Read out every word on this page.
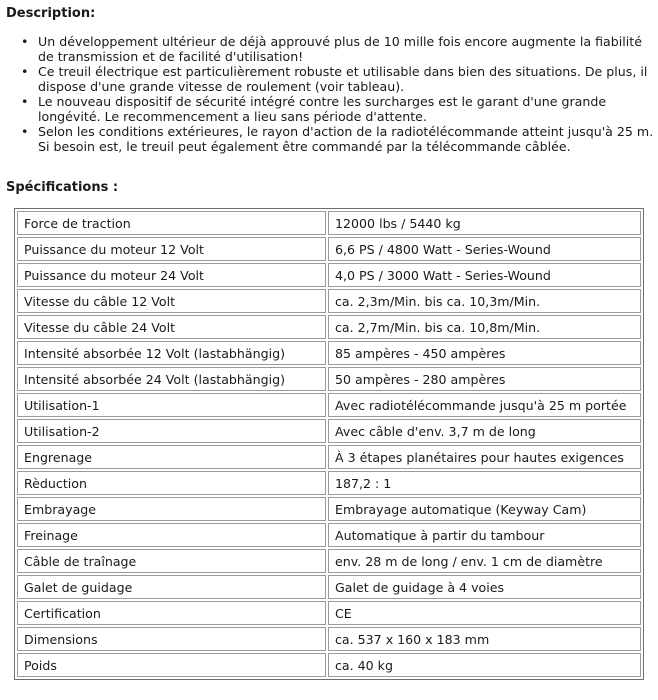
Description:
• Un développement ultérieur de déjà approuvé plus de 10 mille fois encore augmente la fiabilité de transmission et de facilité d'utilisation!
• Ce treuil électrique est particulièrement robuste et utilisable dans bien des situations. De plus, il dispose d'une grande vitesse de roulement (voir tableau).
• Le nouveau dispositif de sécurité intégré contre les surcharges est le garant d'une grande longévité. Le recommencement a lieu sans période d'attente.
• Selon les conditions extérieures, le rayon d'action de la radiotélécommande atteint jusqu'à 25 m. Si besoin est, le treuil peut également être commandé par la télécommande câblée.
Spécifications :
Force de traction	12000 lbs / 5440 kg
Puissance du moteur 12 Volt	6,6 PS / 4800 Watt - Series-Wound
Puissance du moteur 24 Volt	4,0 PS / 3000 Watt - Series-Wound
Vitesse du câble 12 Volt	ca. 2,3m/Min. bis ca. 10,3m/Min.
Vitesse du câble 24 Volt	ca. 2,7m/Min. bis ca. 10,8m/Min.
Intensité absorbée 12 Volt (lastabhängig)	85 ampères - 450 ampères
Intensité absorbée 24 Volt (lastabhängig)	50 ampères - 280 ampères
Utilisation-1	Avec radiotélécommande jusqu'à 25 m portée
Utilisation-2	Avec câble d'env. 3,7 m de long
Engrenage	À 3 étapes planétaires pour hautes exigences
Rèduction	187,2 : 1
Embrayage	Embrayage automatique (Keyway Cam)
Freinage	Automatique à partir du tambour
Câble de traînage	env. 28 m de long / env. 1 cm de diamètre
Galet de guidage	Galet de guidage à 4 voies
Certification	CE
Dimensions	ca. 537 x 160 x 183 mm
Poids	ca. 40 kg
